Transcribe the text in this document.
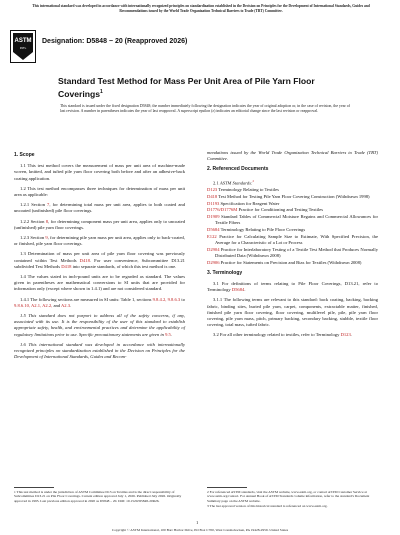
This international standard was developed in accordance with internationally recognized principles on standardization established in the Decision on Principles for the Development of International Standards, Guides and Recommendations issued by the World Trade Organization Technical Barriers to Trade (TBT) Committee.
ASTM
INTL
Designation: D5848 − 20 (Reapproved 2026)
Standard Test Method for Mass Per Unit Area of Pile Yarn Floor Coverings$^1$
This standard is issued under the fixed designation D5848; the number immediately following the designation indicates the year of original adoption or, in the case of revision, the year of last revision. A number in parentheses indicates the year of last reapproval. A superscript epsilon (ε) indicates an editorial change since the last revision or reapproval.
1. Scope
1.1 This test method covers the measurement of mass per unit area of machine-made woven, knitted, and tufted pile yarn floor covering both before and after an adhesive-back coating application.
1.2 This test method encompasses three techniques for determination of mass per unit area as applicable:
1.2.1 Section 7, for determining total mass per unit area, applies to both coated and uncoated (unfinished) pile floor coverings.
1.2.2 Section 8, for determining component mass per unit area, applies only to uncoated (unfinished) pile yarn floor coverings.
1.2.3 Section 9, for determining pile yarn mass per unit area, applies only to back-coated, or finished, pile yarn floor coverings.
1.3 Determination of mass per unit area of pile yarn floor covering was previously contained within Test Methods D418. For user convenience, Subcommittee D13.21 subdivided Test Methods D418 into separate standards, of which this test method is one.
1.4 The values stated in inch-pound units are to be regarded as standard. The values given in parentheses are mathematical conversions to SI units that are provided for information only (except where shown in 1.4.1) and are not considered standard.
1.4.1 The following sections are measured in SI units: Table 1, sections 9.8.4.2, 9.8.6.3 to 9.8.6.10, A2.1, A2.2, and A2.3.
1.5 This standard does not purport to address all of the safety concerns, if any, associated with its use. It is the responsibility of the user of this standard to establish appropriate safety, health, and environmental practices and determine the applicability of regulatory limitations prior to use. Specific precautionary statements are given in 9.5.
1.6 This international standard was developed in accordance with internationally recognized principles on standardization established in the Decision on Principles for the Development of International Standards, Guides and Recom-
mendations issued by the World Trade Organization Technical Barriers to Trade (TBT) Committee.
2. Referenced Documents
2.1 ASTM Standards:$^2$
D123 Terminology Relating to Textiles
D418 Test Method for Testing Pile Yarn Floor Covering Construction (Withdrawn 1998)
D1193 Specification for Reagent Water
D1776/D1776M Practice for Conditioning and Testing Textiles
D1909 Standard Tables of Commercial Moisture Regains and Commercial Allowances for Textile Fibers
D5684 Terminology Relating to Pile Floor Coverings
E122 Practice for Calculating Sample Size to Estimate, With Specified Precision, the Average for a Characteristic of a Lot or Process
D2904 Practice for Interlaboratory Testing of a Textile Test Method that Produces Normally Distributed Data (Withdrawn 2008)
D2906 Practice for Statements on Precision and Bias for Textiles (Withdrawn 2008)
3. Terminology
3.1 For definitions of terms relating to Pile Floor Coverings, D13.21, refer to Terminology D5684.
3.1.1 The following terms are relevant to this standard: back coating, backing, backing fabric, binding sites, buried pile yarn, carpet, components, extractable matter, finished, finished pile yarn floor covering, floor covering, multilevel pile, pile, pile yarn floor covering, pile yarn mass, pitch, primary backing, secondary backing, stubble, textile floor covering, total mass, tufted fabric.
3.2 For all other terminology related to textiles, refer to Terminology D123.
1 This test method is under the jurisdiction of ASTM Committee D13 on Textiles and is the direct responsibility of Subcommittee D13.21 on Pile Floor Coverings. Current edition approved July 1, 2026. Published July 2026. Originally approved in 1995. Last previous edition approved in 2020 as D5848 – 20. DOI: 10.1520/D5848-20R26.
2 For referenced ASTM standards, visit the ASTM website, www.astm.org, or contact ASTM Customer Service at www.astm.org/contact. For Annual Book of ASTM Standards volume information, refer to the standard's Document Summary page on the ASTM website.
3 The last approved version of this historical standard is referenced on www.astm.org.
1
Copyright © ASTM International, 100 Barr Harbor Drive, PO Box C700, West Conshohocken, PA 19428-2959. United States
